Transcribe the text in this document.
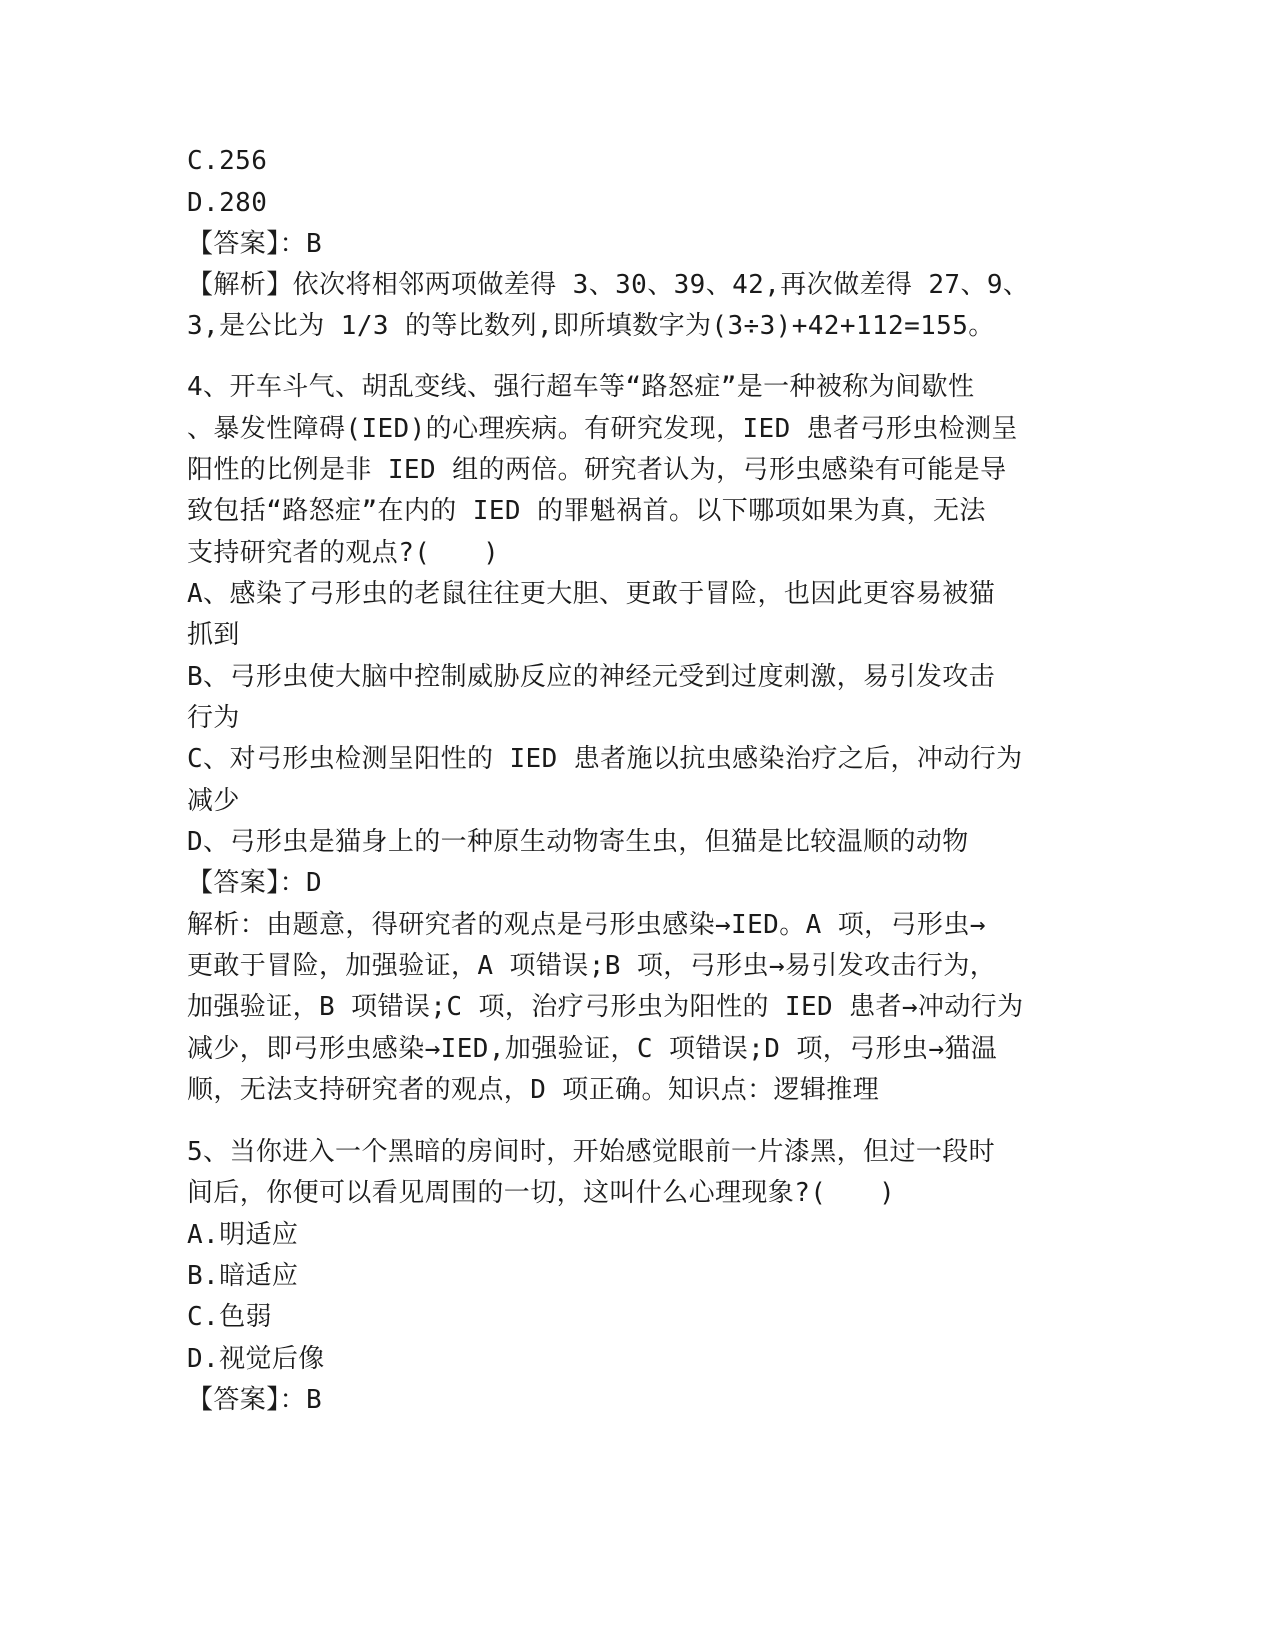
C.256
D.280
【答案】：B
【解析】依次将相邻两项做差得 3、30、39、42,再次做差得 27、9、
3,是公比为 1/3 的等比数列,即所填数字为(3÷3)+42+112=155。
4、开车斗气、胡乱变线、强行超车等“路怒症”是一种被称为间歇性
、暴发性障碍(IED)的心理疾病。有研究发现，IED 患者弓形虫检测呈
阳性的比例是非 IED 组的两倍。研究者认为，弓形虫感染有可能是导
致包括“路怒症”在内的 IED 的罪魁祸首。以下哪项如果为真，无法
支持研究者的观点?(　　)
A、感染了弓形虫的老鼠往往更大胆、更敢于冒险，也因此更容易被猫
抓到
B、弓形虫使大脑中控制威胁反应的神经元受到过度刺激，易引发攻击
行为
C、对弓形虫检测呈阳性的 IED 患者施以抗虫感染治疗之后，冲动行为
减少
D、弓形虫是猫身上的一种原生动物寄生虫，但猫是比较温顺的动物
【答案】：D
解析：由题意，得研究者的观点是弓形虫感染→IED。A 项，弓形虫→
更敢于冒险，加强验证，A 项错误;B 项，弓形虫→易引发攻击行为，
加强验证，B 项错误;C 项，治疗弓形虫为阳性的 IED 患者→冲动行为
减少，即弓形虫感染→IED,加强验证，C 项错误;D 项，弓形虫→猫温
顺，无法支持研究者的观点，D 项正确。知识点：逻辑推理
5、当你进入一个黑暗的房间时，开始感觉眼前一片漆黑，但过一段时
间后，你便可以看见周围的一切，这叫什么心理现象?(　　)
A.明适应
B.暗适应
C.色弱
D.视觉后像
【答案】：B
